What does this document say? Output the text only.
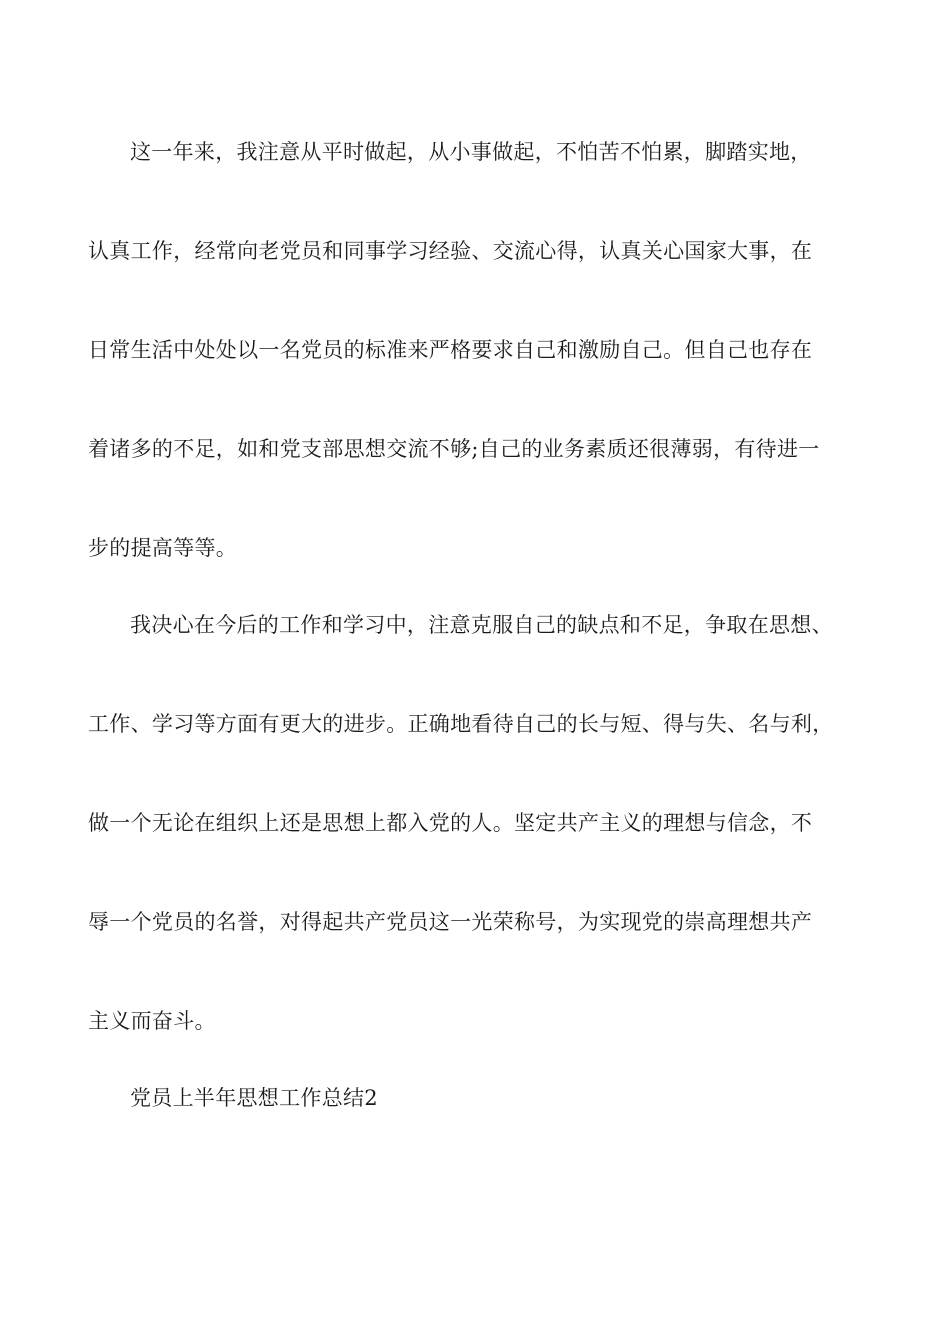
这一年来，我注意从平时做起，从小事做起，不怕苦不怕累，脚踏实地，
认真工作，经常向老党员和同事学习经验、交流心得，认真关心国家大事，在
日常生活中处处以一名党员的标准来严格要求自己和激励自己。但自己也存在
着诸多的不足，如和党支部思想交流不够;自己的业务素质还很薄弱，有待进一
步的提高等等。
我决心在今后的工作和学习中，注意克服自己的缺点和不足，争取在思想、
工作、学习等方面有更大的进步。正确地看待自己的长与短、得与失、名与利，
做一个无论在组织上还是思想上都入党的人。坚定共产主义的理想与信念，不
辱一个党员的名誉，对得起共产党员这一光荣称号，为实现党的崇高理想共产
主义而奋斗。
党员上半年思想工作总结2
